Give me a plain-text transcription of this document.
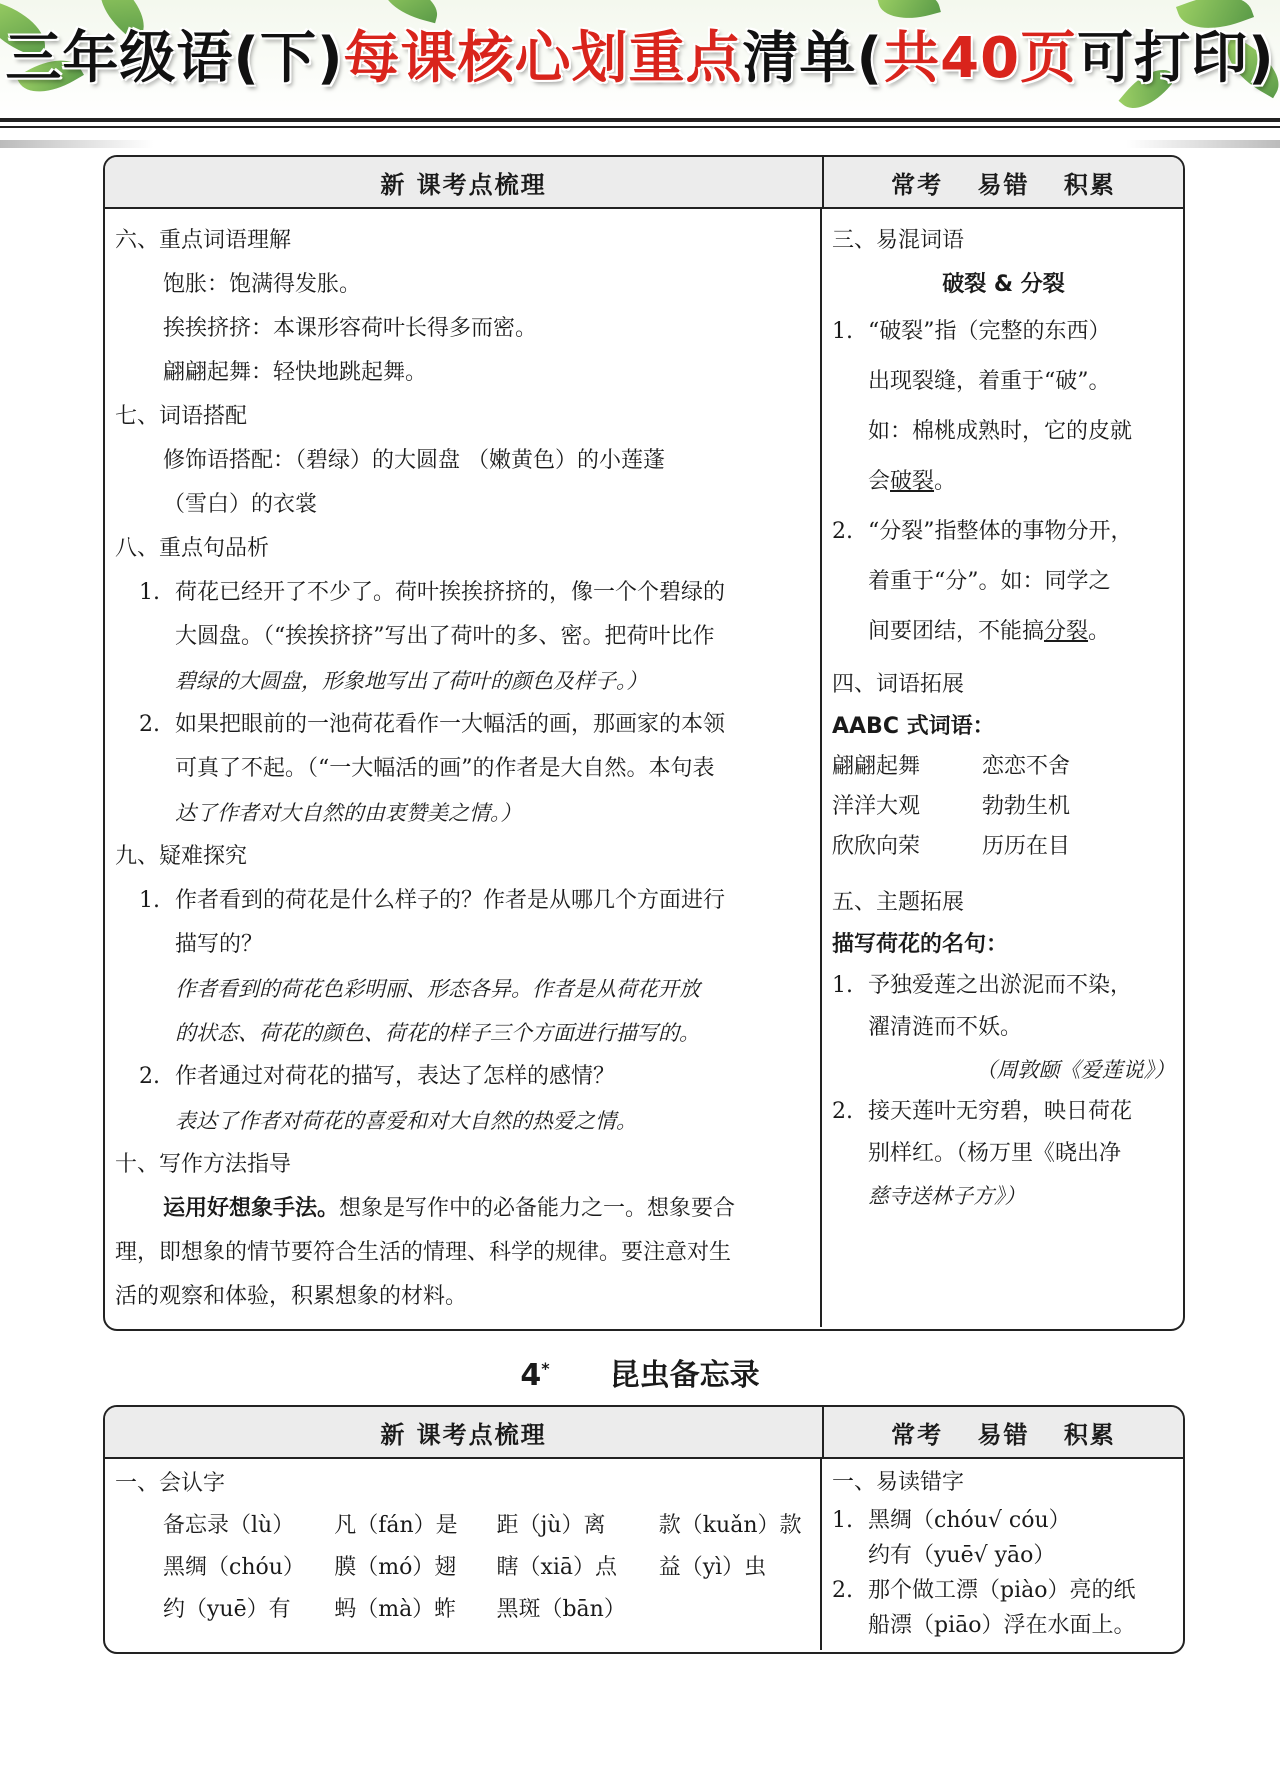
三年级语(下)每课核心划重点清单(共40页可打印)
新 课考点梳理	常考 易错 积累
六、重点词语理解
饱胀：饱满得发胀。
挨挨挤挤：本课形容荷叶长得多而密。
翩翩起舞：轻快地跳起舞。
七、词语搭配
修饰语搭配：（碧绿）的大圆盘 （嫩黄色）的小莲蓬
（雪白）的衣裳
八、重点句品析
1. 荷花已经开了不少了。荷叶挨挨挤挤的，像一个个碧绿的
大圆盘。（“挨挨挤挤”写出了荷叶的多、密。把荷叶比作
碧绿的大圆盘，形象地写出了荷叶的颜色及样子。）
2. 如果把眼前的一池荷花看作一大幅活的画，那画家的本领
可真了不起。（“一大幅活的画”的作者是大自然。本句表
达了作者对大自然的由衷赞美之情。）
九、疑难探究
1. 作者看到的荷花是什么样子的？作者是从哪几个方面进行
描写的？
作者看到的荷花色彩明丽、形态各异。作者是从荷花开放
的状态、荷花的颜色、荷花的样子三个方面进行描写的。
2. 作者通过对荷花的描写，表达了怎样的感情？
表达了作者对荷花的喜爱和对大自然的热爱之情。
十、写作方法指导
运用好想象手法。想象是写作中的必备能力之一。想象要合
理，即想象的情节要符合生活的情理、科学的规律。要注意对生
活的观察和体验，积累想象的材料。
三、易混词语
破裂 & 分裂
1. “破裂”指（完整的东西）
出现裂缝，着重于“破”。
如：棉桃成熟时，它的皮就
会破裂。
2. “分裂”指整体的事物分开，
着重于“分”。如：同学之
间要团结，不能搞分裂。
四、词语拓展
AABC 式词语：
翩翩起舞	恋恋不舍
洋洋大观	勃勃生机
欣欣向荣	历历在目
五、主题拓展
描写荷花的名句：
1. 予独爱莲之出淤泥而不染，
濯清涟而不妖。
（周敦颐《爱莲说》）
2. 接天莲叶无穷碧，映日荷花
别样红。（杨万里《晓出净
慈寺送林子方》）
4* 昆虫备忘录
新 课考点梳理	常考 易错 积累
一、会认字
备忘录（lù）	凡（fán）是	距（jù）离	款（kuǎn）款
黑绸（chóu）	膜（mó）翅	瞎（xiā）点	益（yì）虫
约（yuē）有	蚂（mà）蚱	黑斑（bān）
一、易读错字
1. 黑绸（chóu√ cóu）
约有（yuē√ yāo）
2. 那个做工漂（piào）亮的纸
船漂（piāo）浮在水面上。
